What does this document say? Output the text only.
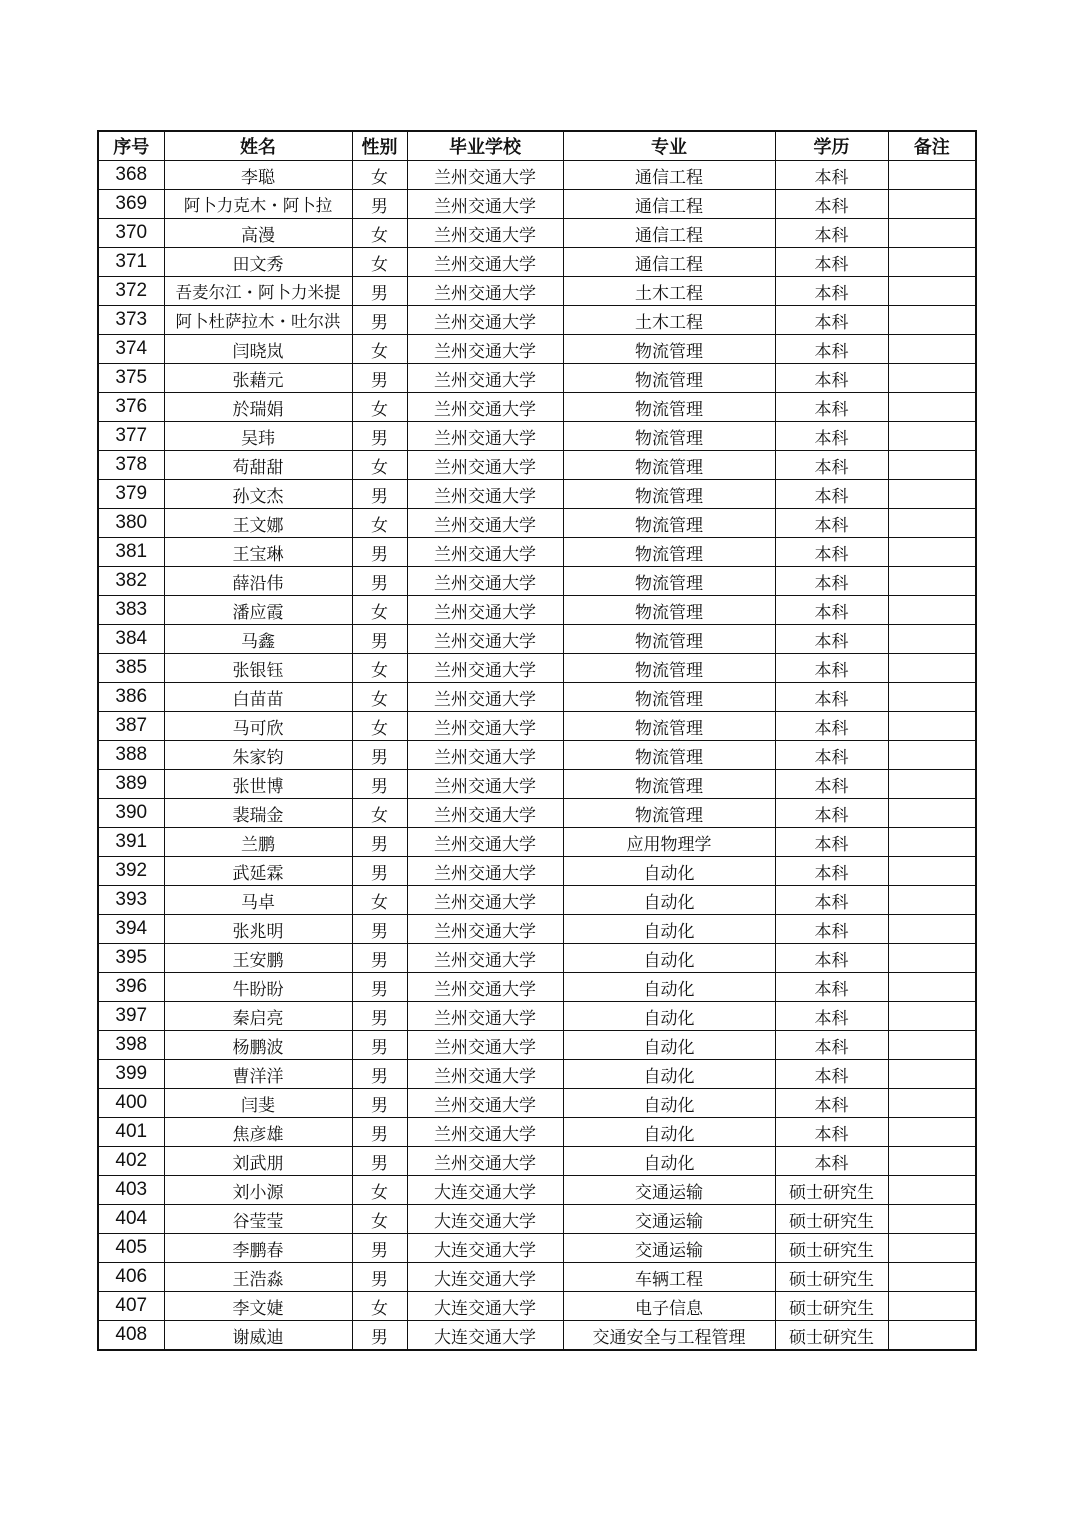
序号	姓名	性别	毕业学校	专业	学历	备注
368	李聪	女	兰州交通大学	通信工程	本科	
369	阿卜力克木・阿卜拉	男	兰州交通大学	通信工程	本科	
370	高漫	女	兰州交通大学	通信工程	本科	
371	田文秀	女	兰州交通大学	通信工程	本科	
372	吾麦尔江・阿卜力米提	男	兰州交通大学	土木工程	本科	
373	阿卜杜萨拉木・吐尔洪	男	兰州交通大学	土木工程	本科	
374	闫晓岚	女	兰州交通大学	物流管理	本科	
375	张藉元	男	兰州交通大学	物流管理	本科	
376	於瑞娟	女	兰州交通大学	物流管理	本科	
377	吴玮	男	兰州交通大学	物流管理	本科	
378	苟甜甜	女	兰州交通大学	物流管理	本科	
379	孙文杰	男	兰州交通大学	物流管理	本科	
380	王文娜	女	兰州交通大学	物流管理	本科	
381	王宝琳	男	兰州交通大学	物流管理	本科	
382	薛沿伟	男	兰州交通大学	物流管理	本科	
383	潘应霞	女	兰州交通大学	物流管理	本科	
384	马鑫	男	兰州交通大学	物流管理	本科	
385	张银钰	女	兰州交通大学	物流管理	本科	
386	白苗苗	女	兰州交通大学	物流管理	本科	
387	马可欣	女	兰州交通大学	物流管理	本科	
388	朱家钧	男	兰州交通大学	物流管理	本科	
389	张世博	男	兰州交通大学	物流管理	本科	
390	裴瑞金	女	兰州交通大学	物流管理	本科	
391	兰鹏	男	兰州交通大学	应用物理学	本科	
392	武延霖	男	兰州交通大学	自动化	本科	
393	马卓	女	兰州交通大学	自动化	本科	
394	张兆明	男	兰州交通大学	自动化	本科	
395	王安鹏	男	兰州交通大学	自动化	本科	
396	牛盼盼	男	兰州交通大学	自动化	本科	
397	秦启亮	男	兰州交通大学	自动化	本科	
398	杨鹏波	男	兰州交通大学	自动化	本科	
399	曹洋洋	男	兰州交通大学	自动化	本科	
400	闫斐	男	兰州交通大学	自动化	本科	
401	焦彦雄	男	兰州交通大学	自动化	本科	
402	刘武朋	男	兰州交通大学	自动化	本科	
403	刘小源	女	大连交通大学	交通运输	硕士研究生	
404	谷莹莹	女	大连交通大学	交通运输	硕士研究生	
405	李鹏春	男	大连交通大学	交通运输	硕士研究生	
406	王浩淼	男	大连交通大学	车辆工程	硕士研究生	
407	李文婕	女	大连交通大学	电子信息	硕士研究生	
408	谢威迪	男	大连交通大学	交通安全与工程管理	硕士研究生	
